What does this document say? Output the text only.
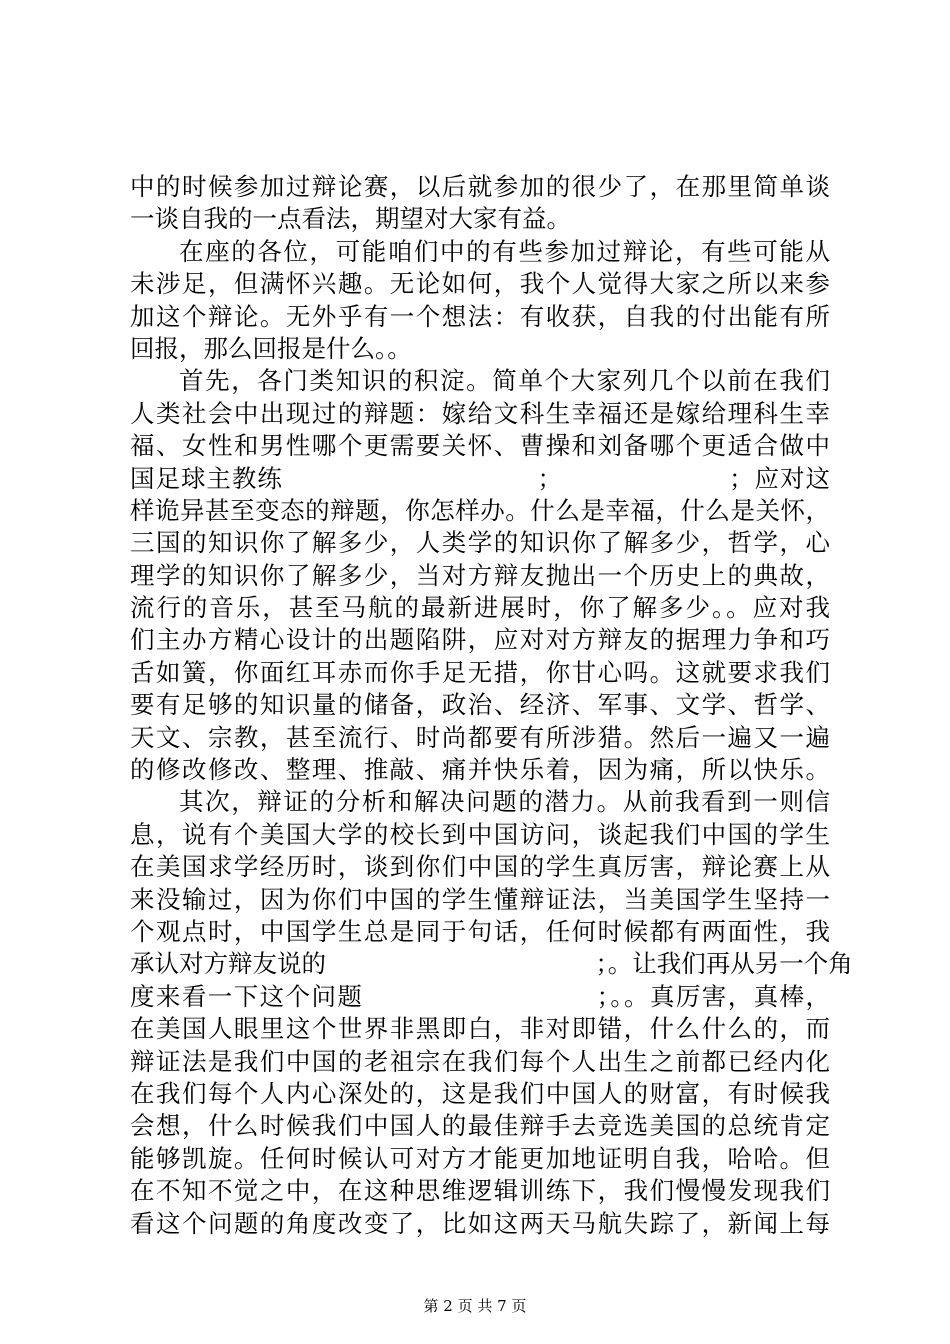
中的时候参加过辩论赛，以后就参加的很少了，在那里简单谈
一谈自我的一点看法，期望对大家有益。
在座的各位，可能咱们中的有些参加过辩论，有些可能从
未涉足，但满怀兴趣。无论如何，我个人觉得大家之所以来参
加这个辩论。无外乎有一个想法：有收获，自我的付出能有所
回报，那么回报是什么。。
首先，各门类知识的积淀。简单个大家列几个以前在我们
人类社会中出现过的辩题：嫁给文科生幸福还是嫁给理科生幸
福、女性和男性哪个更需要关怀、曹操和刘备哪个更适合做中
国足球主教练　　　　　　　　　　；　　　　　　　；应对这
样诡异甚至变态的辩题，你怎样办。什么是幸福，什么是关怀，
三国的知识你了解多少，人类学的知识你了解多少，哲学，心
理学的知识你了解多少，当对方辩友抛出一个历史上的典故，
流行的音乐，甚至马航的最新进展时，你了解多少。。应对我
们主办方精心设计的出题陷阱，应对对方辩友的据理力争和巧
舌如簧，你面红耳赤而你手足无措，你甘心吗。这就要求我们
要有足够的知识量的储备，政治、经济、军事、文学、哲学、
天文、宗教，甚至流行、时尚都要有所涉猎。然后一遍又一遍
的修改修改、整理、推敲、痛并快乐着，因为痛，所以快乐。
其次，辩证的分析和解决问题的潜力。从前我看到一则信
息，说有个美国大学的校长到中国访问，谈起我们中国的学生
在美国求学经历时，谈到你们中国的学生真厉害，辩论赛上从
来没输过，因为你们中国的学生懂辩证法，当美国学生坚持一
个观点时，中国学生总是同于句话，任何时候都有两面性，我
承认对方辩友说的　　　　　　　　　　　；。让我们再从另一个角
度来看一下这个问题　　　　　　　　　；。。真厉害，真棒，
在美国人眼里这个世界非黑即白，非对即错，什么什么的，而
辩证法是我们中国的老祖宗在我们每个人出生之前都已经内化
在我们每个人内心深处的，这是我们中国人的财富，有时候我
会想，什么时候我们中国人的最佳辩手去竞选美国的总统肯定
能够凯旋。任何时候认可对方才能更加地证明自我，哈哈。但
在不知不觉之中，在这种思维逻辑训练下，我们慢慢发现我们
看这个问题的角度改变了，比如这两天马航失踪了，新闻上每
第 2 页 共 7 页
